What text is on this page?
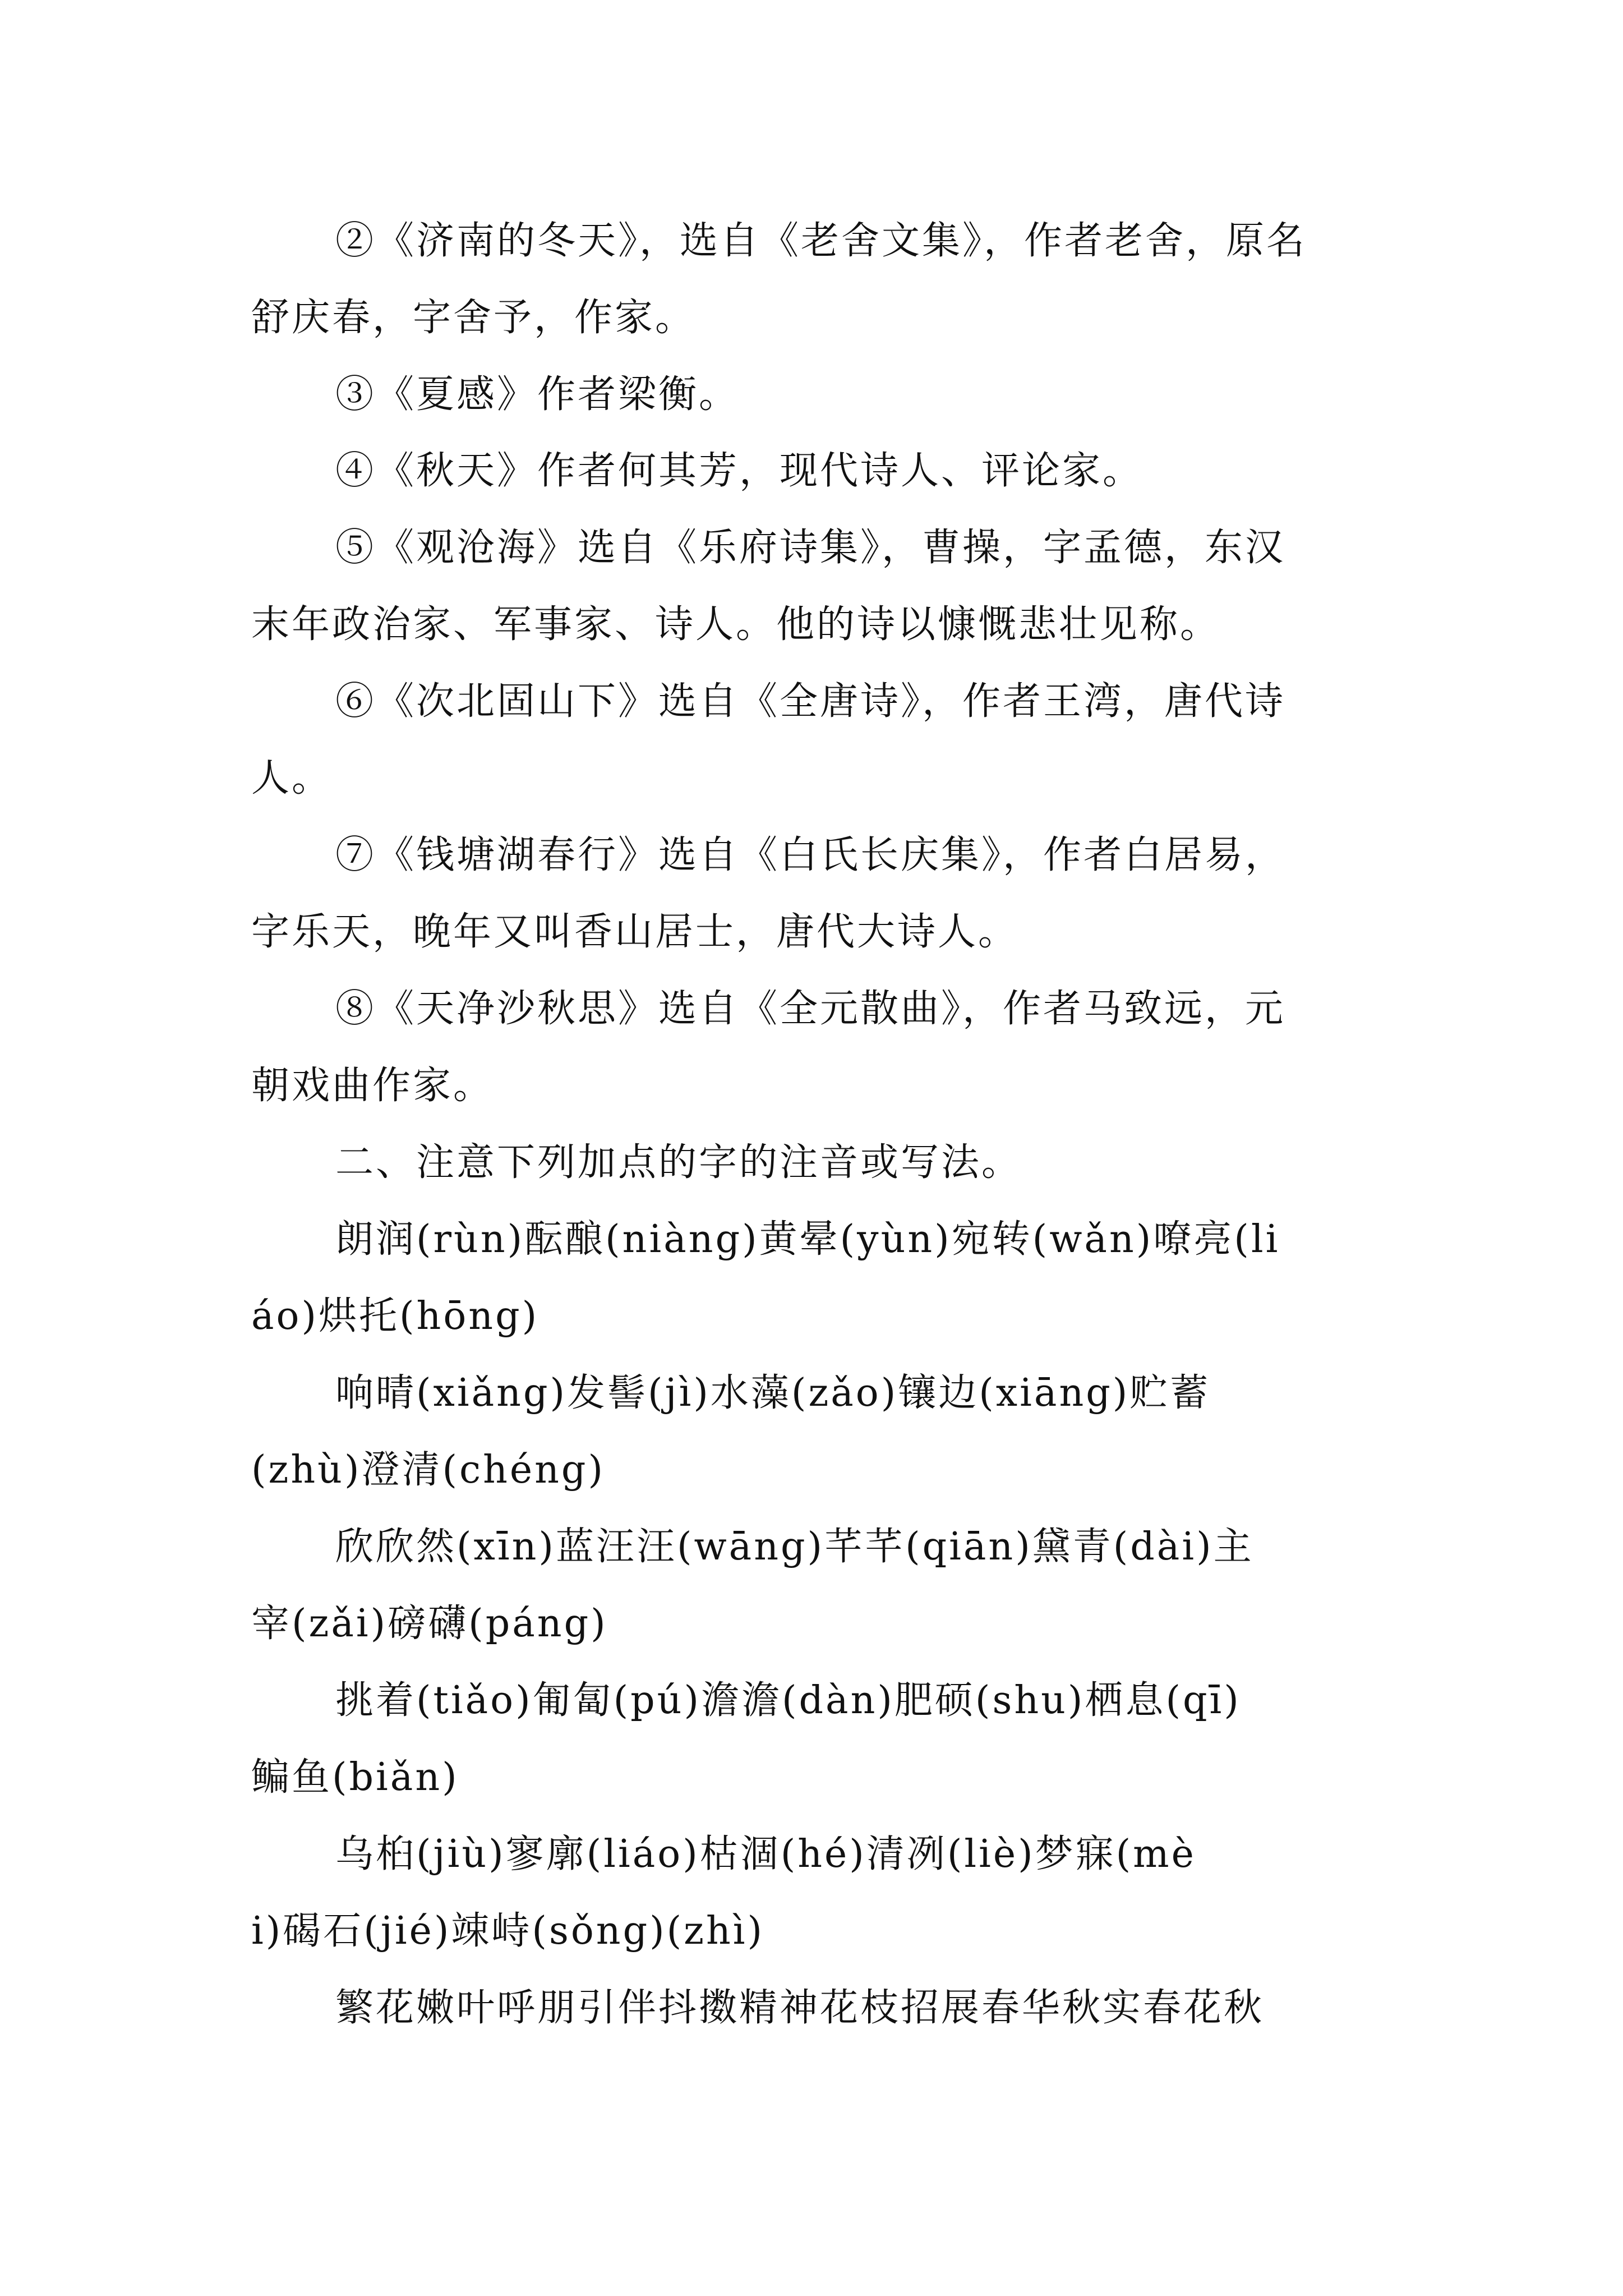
②《济南的冬天》，选自《老舍文集》，作者老舍，原名
舒庆春，字舍予，作家。
③《夏感》作者梁衡。
④《秋天》作者何其芳，现代诗人、评论家。
⑤《观沧海》选自《乐府诗集》，曹操，字孟德，东汉
末年政治家、军事家、诗人。他的诗以慷慨悲壮见称。
⑥《次北固山下》选自《全唐诗》，作者王湾，唐代诗
人。
⑦《钱塘湖春行》选自《白氏长庆集》，作者白居易，
字乐天，晚年又叫香山居士，唐代大诗人。
⑧《天净沙秋思》选自《全元散曲》，作者马致远，元
朝戏曲作家。
二、注意下列加点的字的注音或写法。
朗润(rùn)酝酿(niàng)黄晕(yùn)宛转(wǎn)嘹亮(li
áo)烘托(hōng)
响晴(xiǎng)发髻(jì)水藻(zǎo)镶边(xiāng)贮蓄
(zhù)澄清(chéng)
欣欣然(xīn)蓝汪汪(wāng)芊芊(qiān)黛青(dài)主
宰(zǎi)磅礴(páng)
挑着(tiǎo)匍匐(pú)澹澹(dàn)肥硕(shu)栖息(qī)
鳊鱼(biǎn)
乌桕(jiù)寥廓(liáo)枯涸(hé)清冽(liè)梦寐(mè
i)碣石(jié)竦峙(sǒng)(zhì)
繁花嫩叶呼朋引伴抖擞精神花枝招展春华秋实春花秋
